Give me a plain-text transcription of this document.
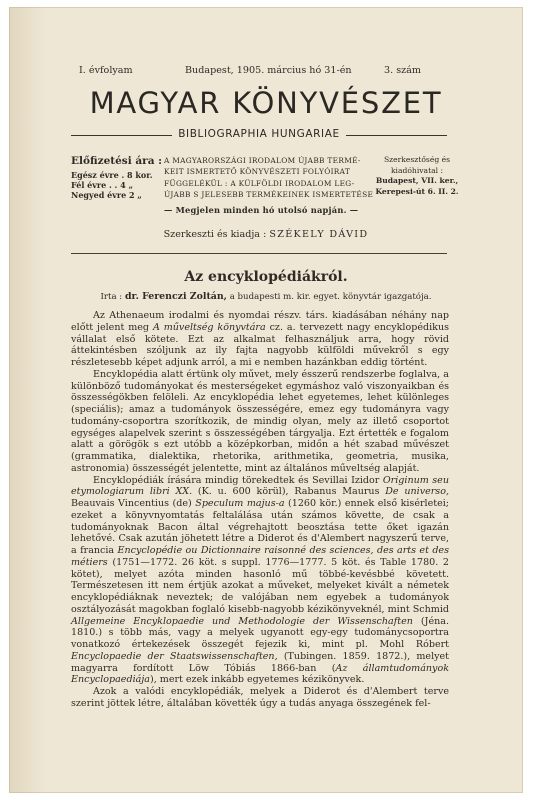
I. évfolyam	Budapest, 1905. március hó 31-én	3. szám
MAGYAR KÖNYVÉSZET
BIBLIOGRAPHIA HUNGARIAE
Előfizetési ára :
Egész évre . 8 kor.
Fél évre . . 4 „
Negyed évre 2 „
A MAGYARORSZÁGI IRODALOM ÚJABB TERMÉ-
KEIT ISMERTETŐ KÖNYVÉSZETI FOLYÓIRAT
FÜGGELÉKÜL : A KÜLFÖLDI IRODALOM LEG-
ÚJABB S JELESEBB TERMÉKEINEK ISMERTETÉSE
— Megjelen minden hó utolsó napján. —
Szerkesztőség és
kiadóhivatal :
Budapest, VII. ker.,
Kerepesi-út 6. II. 2.
Szerkeszti és kiadja : SZÉKELY DÁVID
Az encyklopédiákról.
Irta : dr. Ferenczi Zoltán, a budapesti m. kir. egyet. könyvtár igazgatója.

Az Athenaeum irodalmi és nyomdai részv. társ. kiadásában néhány nap előtt jelent meg A műveltség könyvtára cz. a. tervezett nagy encyklopédikus vállalat első kötete. Ezt az alkalmat felhasználjuk arra, hogy rövid áttekintésben szóljunk az ily fajta nagyobb külföldi művekről s egy részletesebb képet adjunk arról, a mi e nemben hazánkban eddig történt.

Encyklopédia alatt értünk oly művet, mely ésszerű rendszerbe foglalva, a különböző tudományokat és mesterségeket egymáshoz való viszonyaikban és összességökben felöleli. Az encyklopédia lehet egyetemes, lehet különleges (speciális); amaz a tudományok összességére, emez egy tudományra vagy tudomány-csoportra szorítkozik, de mindig olyan, mely az illető csoportot egységes alapelvek szerint s összességében tárgyalja. Ezt értették e fogalom alatt a görögök s ezt utóbb a középkorban, midőn a hét szabad művészet (grammatika, dialektika, rhetorika, arithmetika, geometria, musika, astronomia) összességét jelentette, mint az általános műveltség alapját.

Encyklopédiák írására mindig törekedtek és Sevillai Izidor Originum seu etymologiarum libri XX. (K. u. 600 körül), Rabanus Maurus De universo, Beauvais Vincentius (de) Speculum majus-a (1260 kör.) ennek első kisérletei; ezeket a könyvnyomtatás feltalálása után számos követte, de csak a tudományoknak Bacon által végrehajtott beosztása tette őket igazán lehetővé. Csak azután jöhetett létre a Diderot és d'Alembert nagyszerű terve, a francia Encyclopédie ou Dictionnaire raisonné des sciences, des arts et des métiers (1751—1772. 26 köt. s suppl. 1776—1777. 5 köt. és Table 1780. 2 kötet), melyet azóta minden hasonló mű többé-kevésbbé követett. Természetesen itt nem értjük azokat a műveket, melyeket kivált a németek encyklopédiáknak neveztek; de valójában nem egyebek a tudományok osztályozását magokban foglaló kisebb-nagyobb kézikönyveknél, mint Schmid Allgemeine Encyklopaedie und Methodologie der Wissenschaften (Jéna. 1810.) s több más, vagy a melyek ugyanott egy-egy tudománycsoportra vonatkozó értekezések összegét fejezik ki, mint pl. Mohl Róbert Encyclopaedie der Staatswissenschaften, (Tubingen. 1859. 1872.), melyet magyarra fordított Löw Tóbiás 1866-ban (Az államtudományok Encyclopaediája), mert ezek inkább egyetemes kézikönyvek.

Azok a valódi encyklopédiák, melyek a Diderot és d'Alembert terve szerint jöttek létre, általában követték úgy a tudás anyaga összegének fel-
